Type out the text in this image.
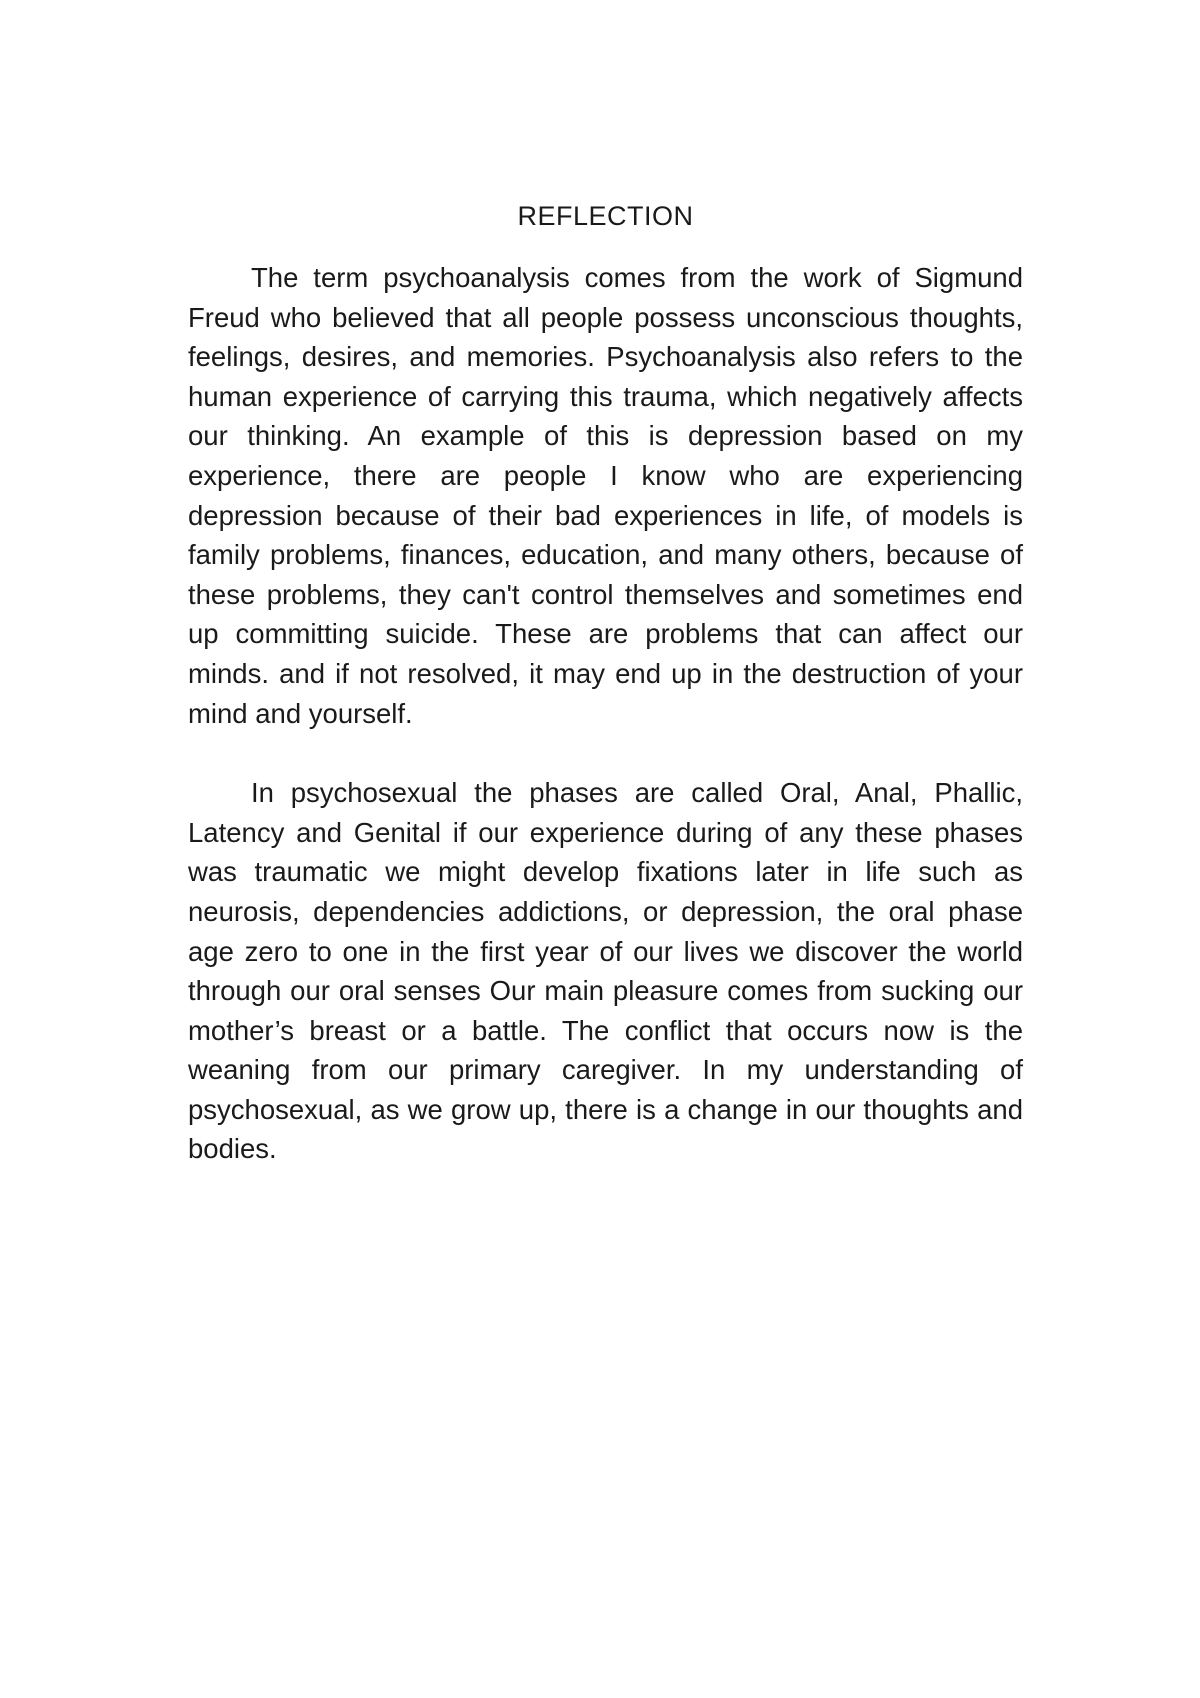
REFLECTION

The term psychoanalysis comes from the work of Sigmund Freud who believed that all people possess unconscious thoughts, feelings, desires, and memories. Psychoanalysis also refers to the human experience of carrying this trauma, which negatively affects our thinking. An example of this is depression based on my experience, there are people I know who are experiencing depression because of their bad experiences in life, of models is family problems, finances, education, and many others, because of these problems, they can't control themselves and sometimes end up committing suicide. These are problems that can affect our minds. and if not resolved, it may end up in the destruction of your mind and yourself.

In psychosexual the phases are called Oral, Anal, Phallic, Latency and Genital if our experience during of any these phases was traumatic we might develop fixations later in life such as neurosis, dependencies addictions, or depression, the oral phase age zero to one in the first year of our lives we discover the world through our oral senses Our main pleasure comes from sucking our mother’s breast or a battle. The conflict that occurs now is the weaning from our primary caregiver. In my understanding of psychosexual, as we grow up, there is a change in our thoughts and bodies.
